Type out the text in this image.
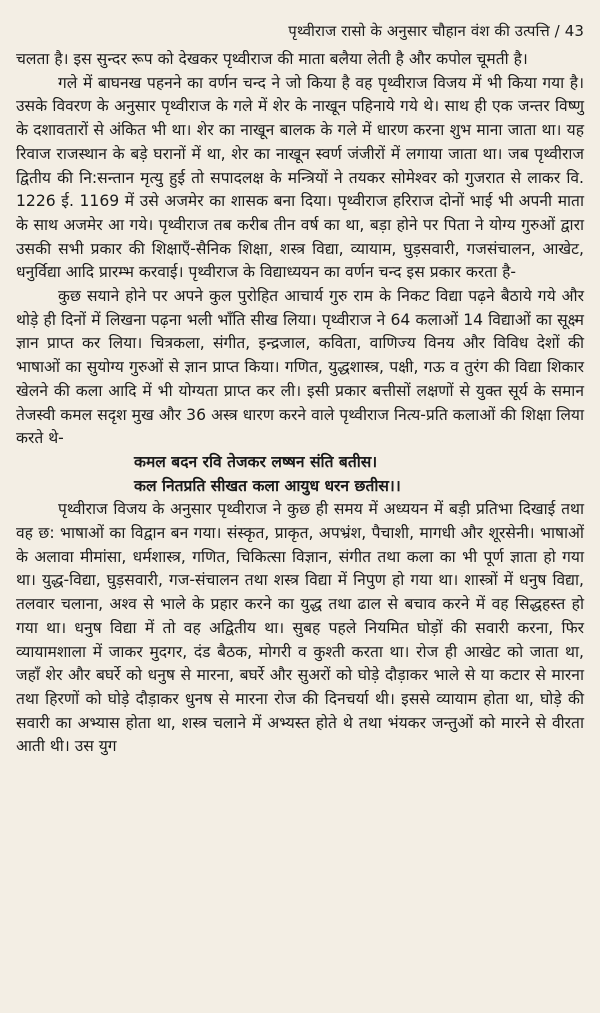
पृथ्वीराज रासो के अनुसार चौहान वंश की उत्पत्ति / 43

चलता है। इस सुन्दर रूप को देखकर पृथ्वीराज की माता बलैया लेती है और कपोल चूमती है।

गले में बाघनख पहनने का वर्णन चन्द ने जो किया है वह पृथ्वीराज विजय में भी किया गया है। उसके विवरण के अनुसार पृथ्वीराज के गले में शेर के नाखून पहिनाये गये थे। साथ ही एक जन्तर विष्णु के दशावतारों से अंकित भी था। शेर का नाखून बालक के गले में धारण करना शुभ माना जाता था। यह रिवाज राजस्थान के बड़े घरानों में था, शेर का नाखून स्वर्ण जंजीरों में लगाया जाता था। जब पृथ्वीराज द्वितीय की नि:सन्तान मृत्यु हुई तो सपादलक्ष के मन्त्रियों ने तयकर सोमेश्वर को गुजरात से लाकर वि. 1226 ई. 1169 में उसे अजमेर का शासक बना दिया। पृथ्वीराज हरिराज दोनों भाई भी अपनी माता के साथ अजमेर आ गये। पृथ्वीराज तब करीब तीन वर्ष का था, बड़ा होने पर पिता ने योग्य गुरुओं द्वारा उसकी सभी प्रकार की शिक्षाएँ-सैनिक शिक्षा, शस्त्र विद्या, व्यायाम, घुड़सवारी, गजसंचालन, आखेट, धनुर्विद्या आदि प्रारम्भ करवाई। पृथ्वीराज के विद्याध्ययन का वर्णन चन्द इस प्रकार करता है-

कुछ सयाने होने पर अपने कुल पुरोहित आचार्य गुरु राम के निकट विद्या पढ़ने बैठाये गये और थोड़े ही दिनों में लिखना पढ़ना भली भाँति सीख लिया। पृथ्वीराज ने 64 कलाओं 14 विद्याओं का सूक्ष्म ज्ञान प्राप्त कर लिया। चित्रकला, संगीत, इन्द्रजाल, कविता, वाणिज्य विनय और विविध देशों की भाषाओं का सुयोग्य गुरुओं से ज्ञान प्राप्त किया। गणित, युद्धशास्त्र, पक्षी, गऊ व तुरंग की विद्या शिकार खेलने की कला आदि में भी योग्यता प्राप्त कर ली। इसी प्रकार बत्तीसों लक्षणों से युक्त सूर्य के समान तेजस्वी कमल सदृश मुख और 36 अस्त्र धारण करने वाले पृथ्वीराज नित्य-प्रति कलाओं की शिक्षा लिया करते थे-

कमल बदन रवि तेजकर लष्षन संति बतीस।
कल नितप्रति सीखत कला आयुध धरन छतीस।।

पृथ्वीराज विजय के अनुसार पृथ्वीराज ने कुछ ही समय में अध्ययन में बड़ी प्रतिभा दिखाई तथा वह छ: भाषाओं का विद्वान बन गया। संस्कृत, प्राकृत, अपभ्रंश, पैचाशी, मागधी और शूरसेनी। भाषाओं के अलावा मीमांसा, धर्मशास्त्र, गणित, चिकित्सा विज्ञान, संगीत तथा कला का भी पूर्ण ज्ञाता हो गया था। युद्ध-विद्या, घुड़सवारी, गज-संचालन तथा शस्त्र विद्या में निपुण हो गया था। शास्त्रों में धनुष विद्या, तलवार चलाना, अश्व से भाले के प्रहार करने का युद्ध तथा ढाल से बचाव करने में वह सिद्धहस्त हो गया था। धनुष विद्या में तो वह अद्वितीय था। सुबह पहले नियमित घोड़ों की सवारी करना, फिर व्यायामशाला में जाकर मुदगर, दंड बैठक, मोगरी व कुश्ती करता था। रोज ही आखेट को जाता था, जहाँ शेर और बघर्रे को धनुष से मारना, बघर्रे और सुअरों को घोड़े दौड़ाकर भाले से या कटार से मारना तथा हिरणों को घोड़े दौड़ाकर धुनष से मारना रोज की दिनचर्या थी। इससे व्यायाम होता था, घोड़े की सवारी का अभ्यास होता था, शस्त्र चलाने में अभ्यस्त होते थे तथा भंयकर जन्तुओं को मारने से वीरता आती थी। उस युग
